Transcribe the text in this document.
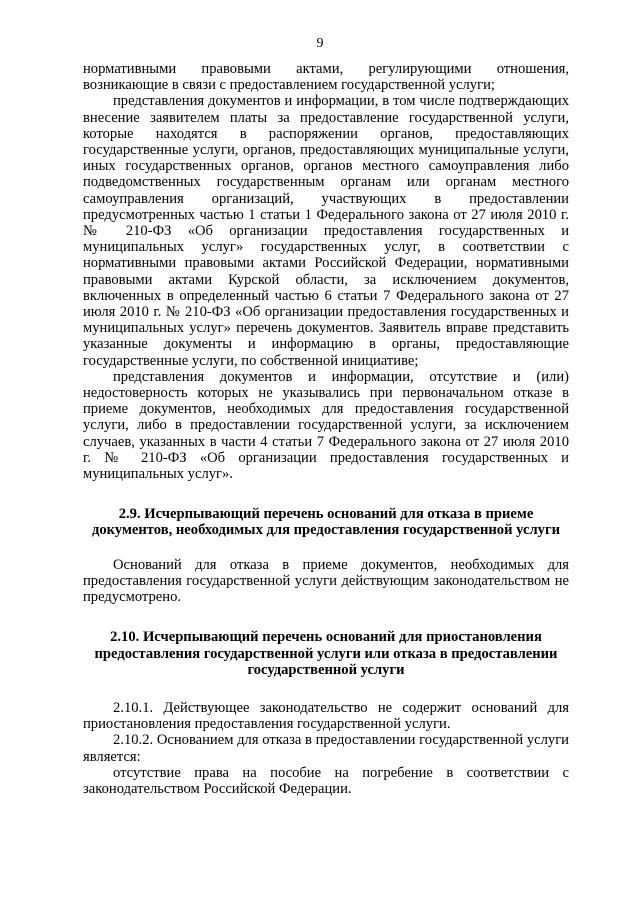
9

нормативными правовыми актами, регулирующими отношения, возникающие в связи с предоставлением государственной услуги;

представления документов и информации, в том числе подтверждающих внесение заявителем платы за предоставление государственной услуги, которые находятся в распоряжении органов, предоставляющих государственные услуги, органов, предоставляющих муниципальные услуги, иных государственных органов, органов местного самоуправления либо подведомственных государственным органам или органам местного самоуправления организаций, участвующих в предоставлении предусмотренных частью 1 статьи 1 Федерального закона от 27 июля 2010 г. № 210-ФЗ «Об организации предоставления государственных и муниципальных услуг» государственных услуг, в соответствии с нормативными правовыми актами Российской Федерации, нормативными правовыми актами Курской области, за исключением документов, включенных в определенный частью 6 статьи 7 Федерального закона от 27 июля 2010 г. № 210-ФЗ «Об организации предоставления государственных и муниципальных услуг» перечень документов. Заявитель вправе представить указанные документы и информацию в органы, предоставляющие государственные услуги, по собственной инициативе;

представления документов и информации, отсутствие и (или) недостоверность которых не указывались при первоначальном отказе в приеме документов, необходимых для предоставления государственной услуги, либо в предоставлении государственной услуги, за исключением случаев, указанных в части 4 статьи 7 Федерального закона от 27 июля 2010 г. № 210-ФЗ «Об организации предоставления государственных и муниципальных услуг».

2.9. Исчерпывающий перечень оснований для отказа в приеме документов, необходимых для предоставления государственной услуги

Оснований для отказа в приеме документов, необходимых для предоставления государственной услуги действующим законодательством не предусмотрено.

2.10. Исчерпывающий перечень оснований для приостановления предоставления государственной услуги или отказа в предоставлении государственной услуги

2.10.1. Действующее законодательство не содержит оснований для приостановления предоставления государственной услуги.

2.10.2. Основанием для отказа в предоставлении государственной услуги является:

отсутствие права на пособие на погребение в соответствии с законодательством Российской Федерации.
